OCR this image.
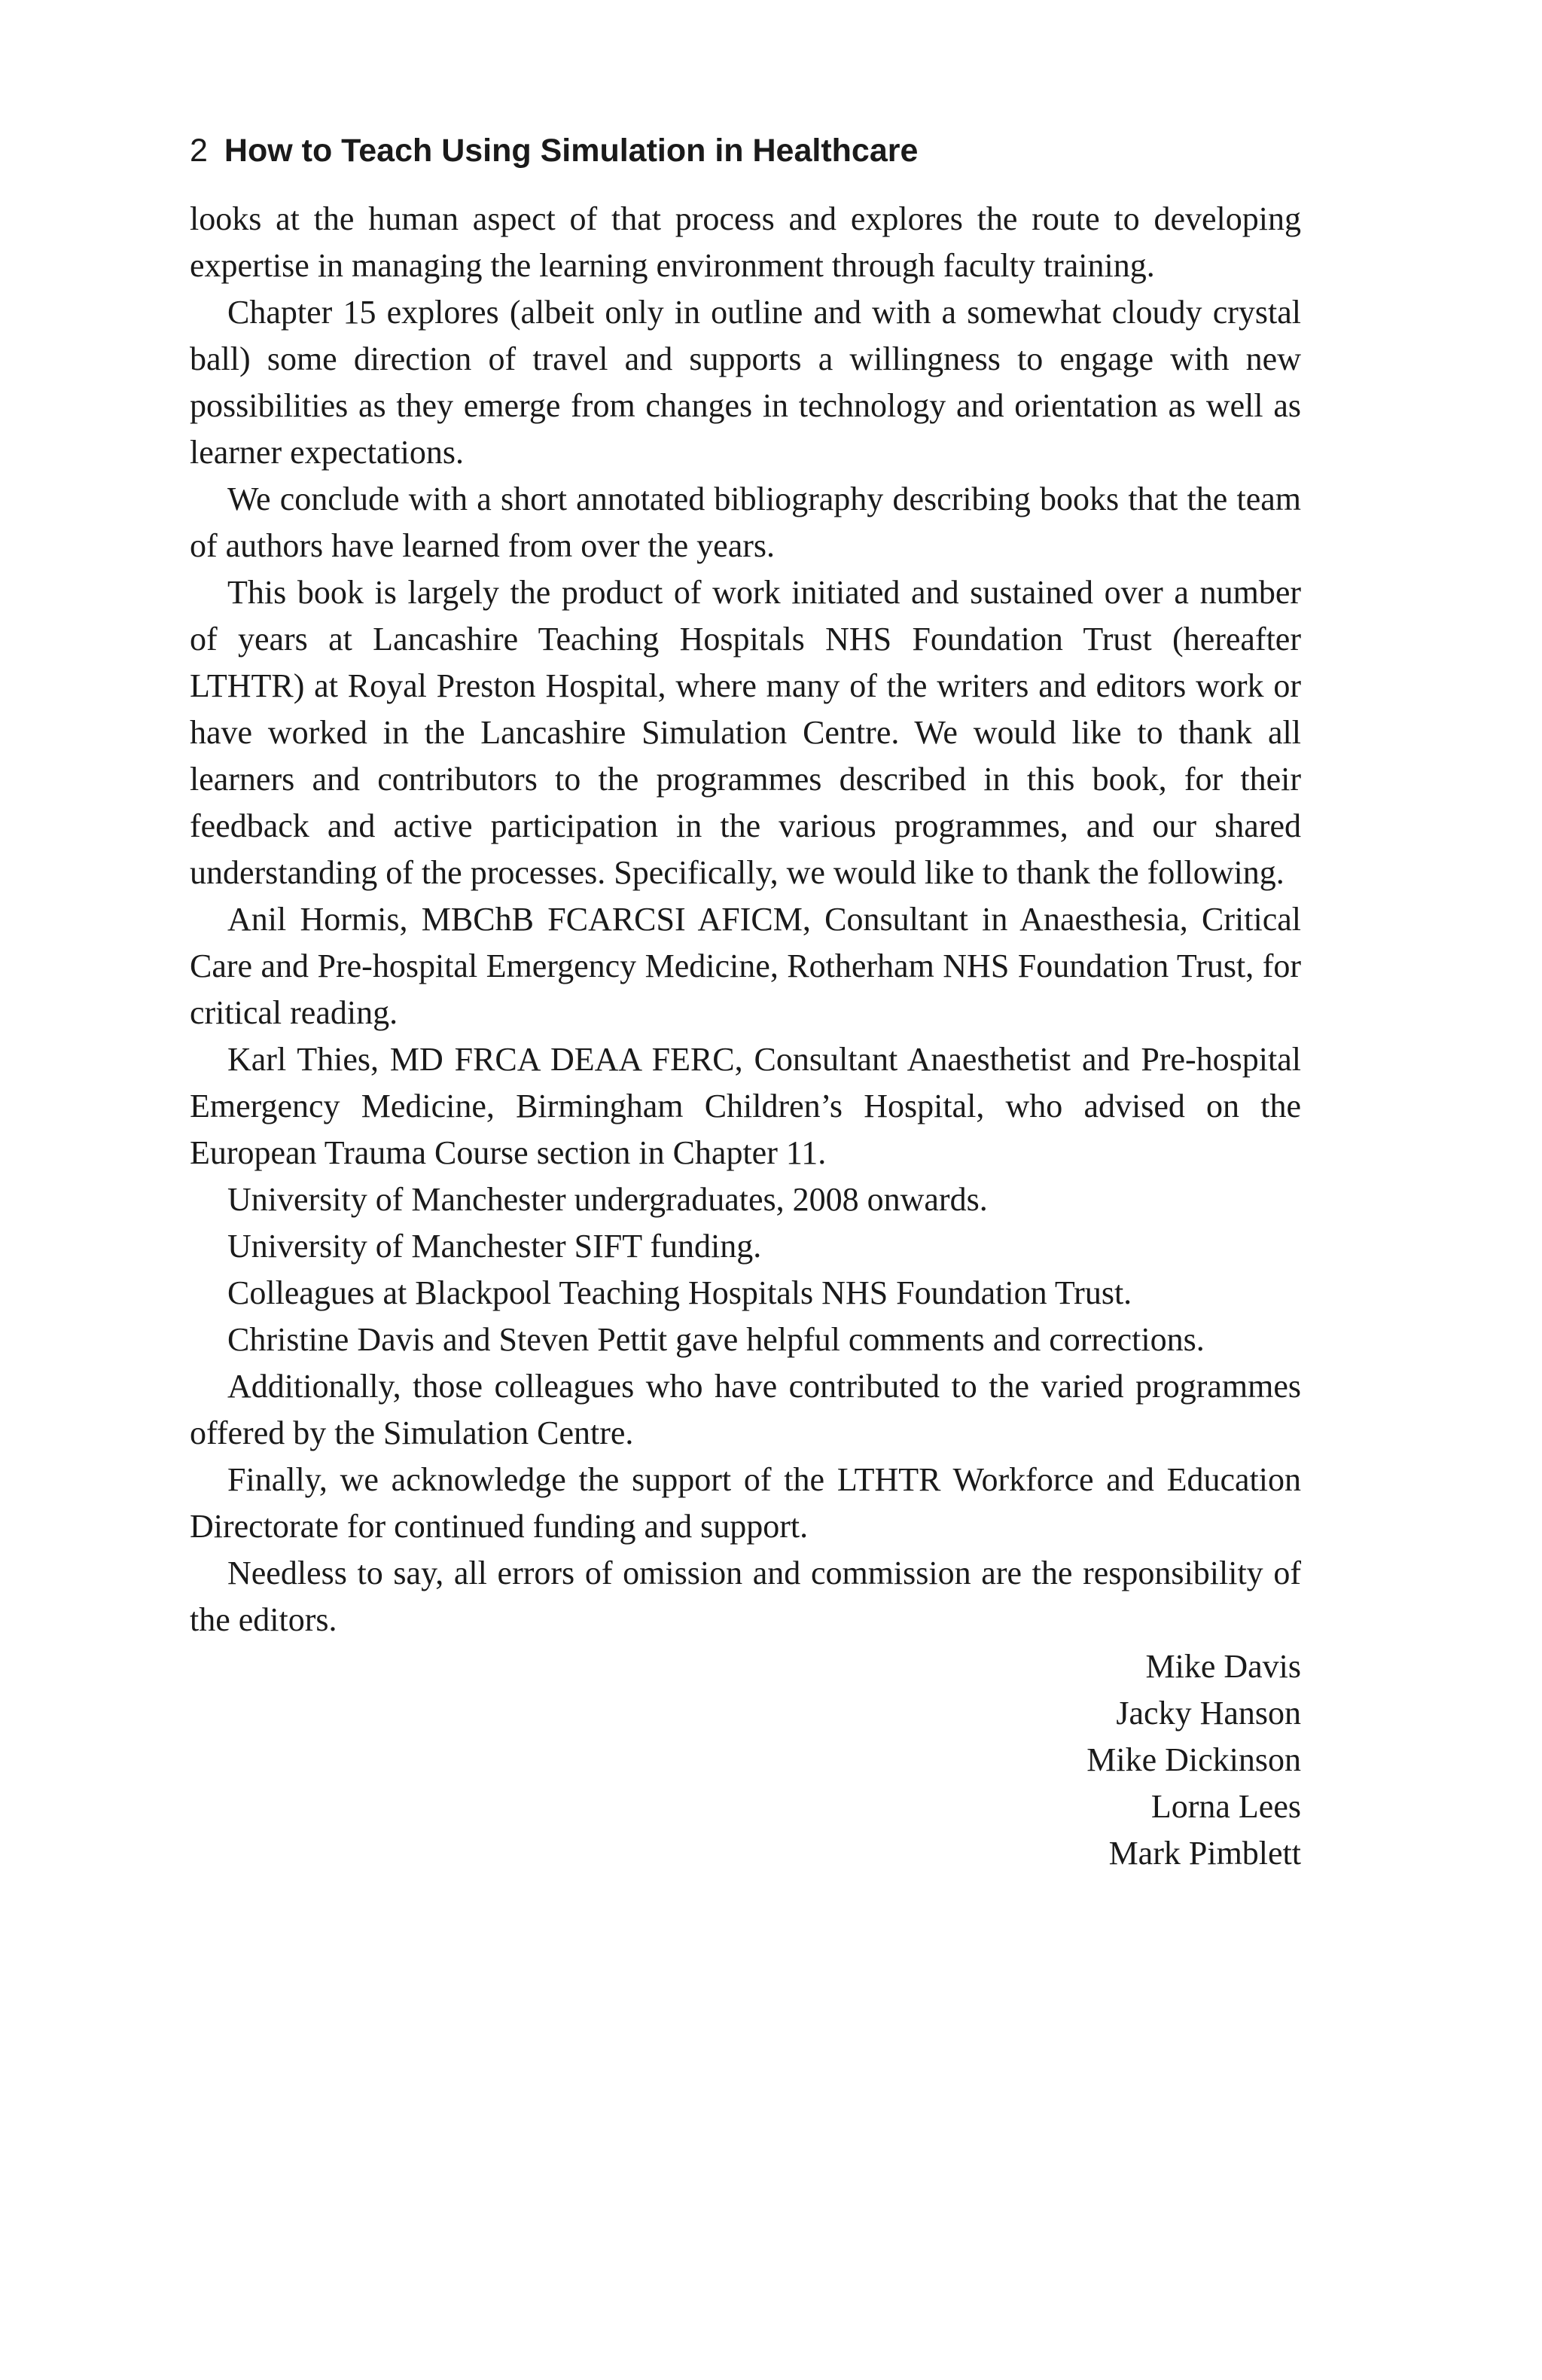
2 How to Teach Using Simulation in Healthcare

looks at the human aspect of that process and explores the route to developing expertise in managing the learning environment through faculty training.

Chapter 15 explores (albeit only in outline and with a somewhat cloudy crystal ball) some direction of travel and supports a willingness to engage with new possibilities as they emerge from changes in technology and orientation as well as learner expectations.

We conclude with a short annotated bibliography describing books that the team of authors have learned from over the years.

This book is largely the product of work initiated and sustained over a number of years at Lancashire Teaching Hospitals NHS Foundation Trust (hereafter LTHTR) at Royal Preston Hospital, where many of the writers and editors work or have worked in the Lancashire Simulation Centre. We would like to thank all learners and contributors to the programmes described in this book, for their feedback and active participation in the various programmes, and our shared understanding of the processes. Specifically, we would like to thank the following.

Anil Hormis, MBChB FCARCSI AFICM, Consultant in Anaesthesia, Critical Care and Pre-hospital Emergency Medicine, Rotherham NHS Foundation Trust, for critical reading.

Karl Thies, MD FRCA DEAA FERC, Consultant Anaesthetist and Pre-hospital Emergency Medicine, Birmingham Children’s Hospital, who advised on the European Trauma Course section in Chapter 11.

University of Manchester undergraduates, 2008 onwards.

University of Manchester SIFT funding.

Colleagues at Blackpool Teaching Hospitals NHS Foundation Trust.

Christine Davis and Steven Pettit gave helpful comments and corrections.

Additionally, those colleagues who have contributed to the varied programmes offered by the Simulation Centre.

Finally, we acknowledge the support of the LTHTR Workforce and Education Directorate for continued funding and support.

Needless to say, all errors of omission and commission are the responsibility of the editors.

Mike Davis
Jacky Hanson
Mike Dickinson
Lorna Lees
Mark Pimblett
